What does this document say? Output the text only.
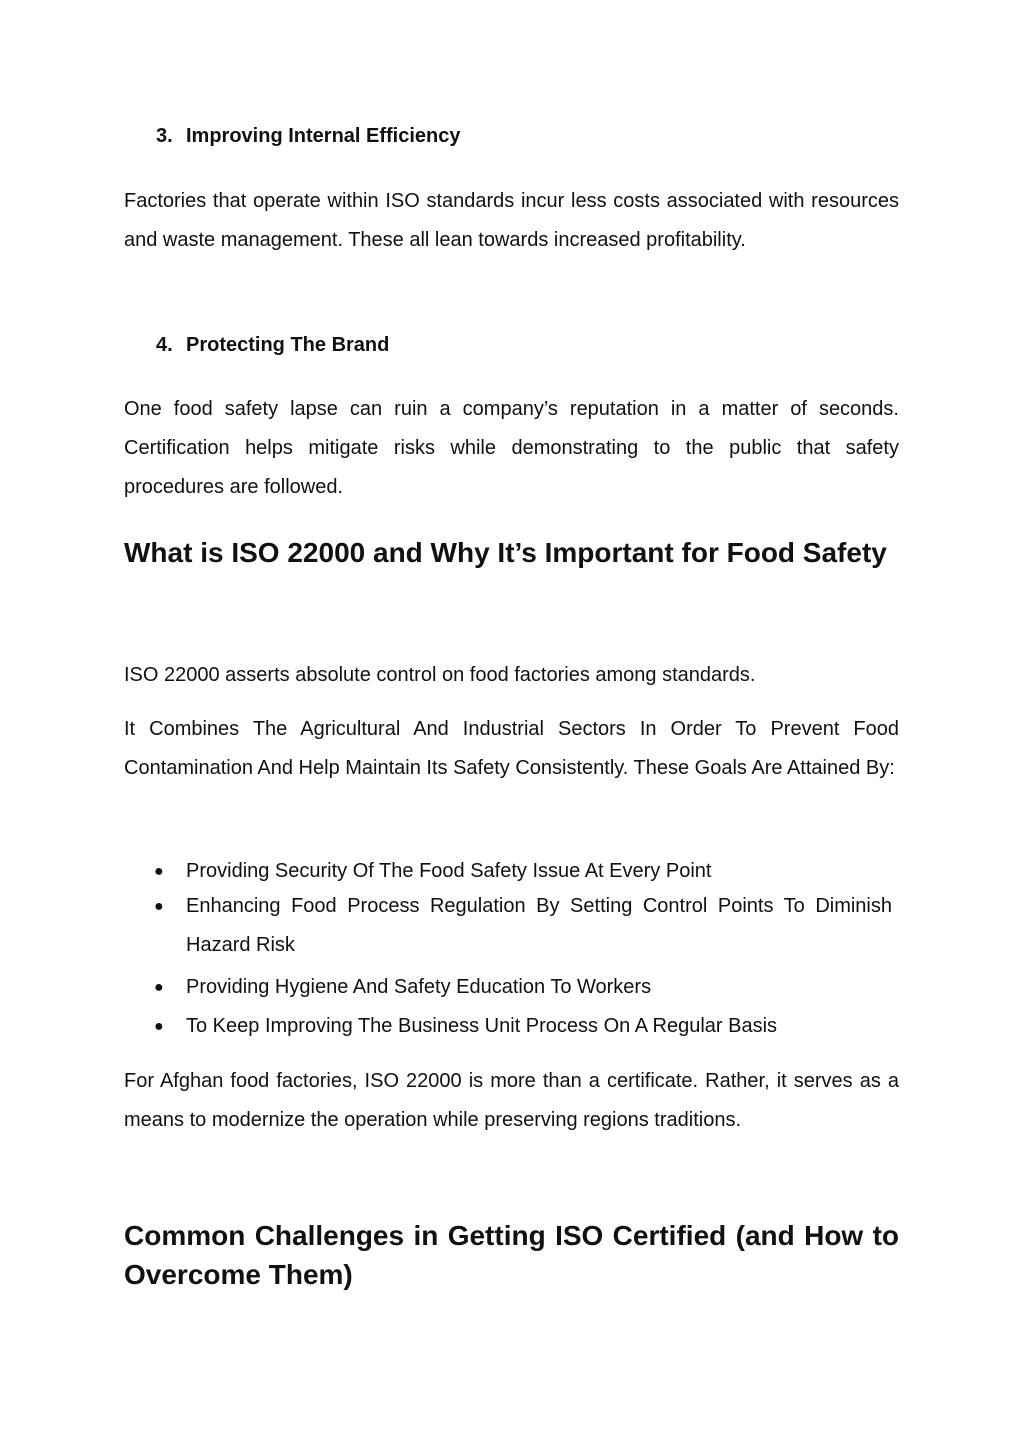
3. Improving Internal Efficiency

Factories that operate within ISO standards incur less costs associated with resources and waste management. These all lean towards increased profitability.

4. Protecting The Brand

One food safety lapse can ruin a company’s reputation in a matter of seconds. Certification helps mitigate risks while demonstrating to the public that safety procedures are followed.

What is ISO 22000 and Why It’s Important for Food Safety

ISO 22000 asserts absolute control on food factories among standards.

It Combines The Agricultural And Industrial Sectors In Order To Prevent Food Contamination And Help Maintain Its Safety Consistently. These Goals Are Attained By:

● Providing Security Of The Food Safety Issue At Every Point
● Enhancing Food Process Regulation By Setting Control Points To Diminish Hazard Risk
● Providing Hygiene And Safety Education To Workers
● To Keep Improving The Business Unit Process On A Regular Basis

For Afghan food factories, ISO 22000 is more than a certificate. Rather, it serves as a means to modernize the operation while preserving regions traditions.

Common Challenges in Getting ISO Certified (and How to Overcome Them)
